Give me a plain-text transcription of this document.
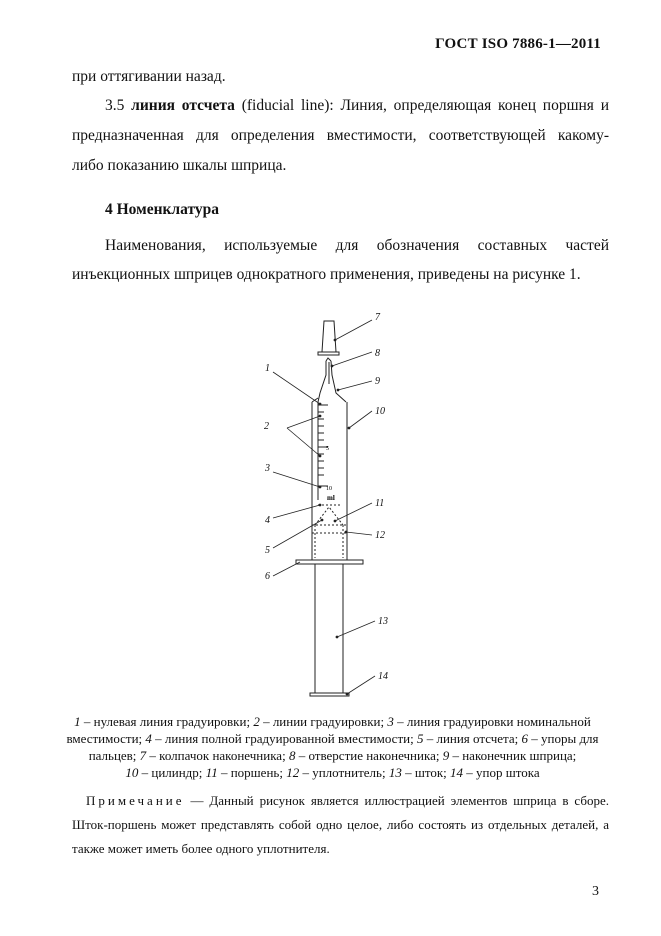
ГОСТ ISO 7886-1—2011
при оттягивании назад.
3.5 линия отсчета (fiducial line): Линия, определяющая конец поршня и
предназначенная для определения вместимости, соответствующей какому-
либо показанию шкалы шприца.
4 Номенклатура
Наименования, используемые для обозначения составных частей
инъекционных шприцев однократного применения, приведены на рисунке 1.
5
10
ml
1
2
3
4
5
6
7
8
9
10
11
12
13
14
1 – нулевая линия градуировки; 2 – линии градуировки; 3 – линия градуировки номинальной вместимости; 4 – линия полной градуированной вместимости; 5 – линия отсчета; 6 – упоры для пальцев; 7 – колпачок наконечника; 8 – отверстие наконечника; 9 – наконечник шприца;
10 – цилиндр; 11 – поршень; 12 – уплотнитель; 13 – шток; 14 – упор штока
Примечание — Данный рисунок является иллюстрацией элементов шприца в сборе.
Шток-поршень может представлять собой одно целое, либо состоять из отдельных деталей, а
также может иметь более одного уплотнителя.
3
